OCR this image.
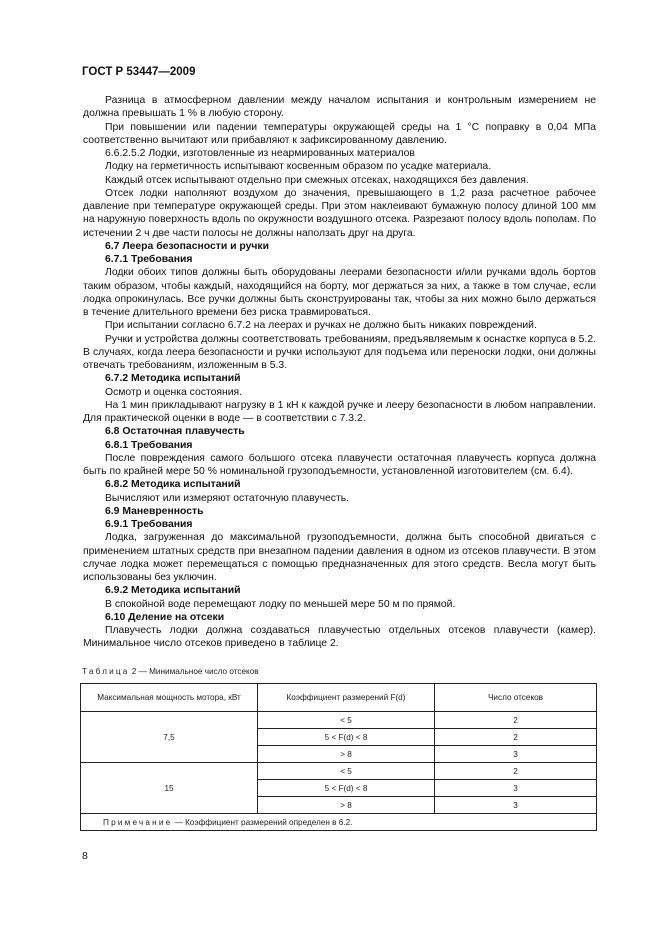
ГОСТ Р 53447—2009

Разница в атмосферном давлении между началом испытания и контрольным измерением не должна превышать 1 % в любую сторону.

При повышении или падении температуры окружающей среды на 1 °С поправку в 0,04 МПа соответственно вычитают или прибавляют к зафиксированному давлению.

6.6.2.5.2 Лодки, изготовленные из неармированных материалов

Лодку на герметичность испытывают косвенным образом по усадке материала.

Каждый отсек испытывают отдельно при смежных отсеках, находящихся без давления.

Отсек лодки наполняют воздухом до значения, превышающего в 1,2 раза расчетное рабочее давление при температуре окружающей среды. При этом наклеивают бумажную полосу длиной 100 мм на наружную поверхность вдоль по окружности воздушного отсека. Разрезают полосу вдоль пополам. По истечении 2 ч две части полосы не должны наползать друг на друга.

6.7 Леера безопасности и ручки

6.7.1 Требования

Лодки обоих типов должны быть оборудованы леерами безопасности и/или ручками вдоль бортов таким образом, чтобы каждый, находящийся на борту, мог держаться за них, а также в том случае, если лодка опрокинулась. Все ручки должны быть сконструированы так, чтобы за них можно было держаться в течение длительного времени без риска травмироваться.

При испытании согласно 6.7.2 на леерах и ручках не должно быть никаких повреждений.

Ручки и устройства должны соответствовать требованиям, предъявляемым к оснастке корпуса в 5.2. В случаях, когда леера безопасности и ручки используют для подъема или переноски лодки, они должны отвечать требованиям, изложенным в 5.3.

6.7.2 Методика испытаний

Осмотр и оценка состояния.

На 1 мин прикладывают нагрузку в 1 кН к каждой ручке и лееру безопасности в любом направлении. Для практической оценки в воде — в соответствии с 7.3.2.

6.8 Остаточная плавучесть

6.8.1 Требования

После повреждения самого большого отсека плавучести остаточная плавучесть корпуса должна быть по крайней мере 50 % номинальной грузоподъемности, установленной изготовителем (см. 6.4).

6.8.2 Методика испытаний

Вычисляют или измеряют остаточную плавучесть.

6.9 Маневренность

6.9.1 Требования

Лодка, загруженная до максимальной грузоподъемности, должна быть способной двигаться с применением штатных средств при внезапном падении давления в одном из отсеков плавучести. В этом случае лодка может перемещаться с помощью предназначенных для этого средств. Весла могут быть использованы без уключин.

6.9.2 Методика испытаний

В спокойной воде перемещают лодку по меньшей мере 50 м по прямой.

6.10 Деление на отсеки

Плавучесть лодки должна создаваться плавучестью отдельных отсеков плавучести (камер). Минимальное число отсеков приведено в таблице 2.

Таблица 2 — Минимальное число отсеков
Максимальная мощность мотора, кВт	Коэффициент размерений F(d)	Число отсеков
7,5	< 5	2
	5 < F(d) < 8	2
	> 8	3
15	< 5	2
	5 < F(d) < 8	3
	> 8	3
Примечание — Коэффициент размерений определен в 6.2.		
8
